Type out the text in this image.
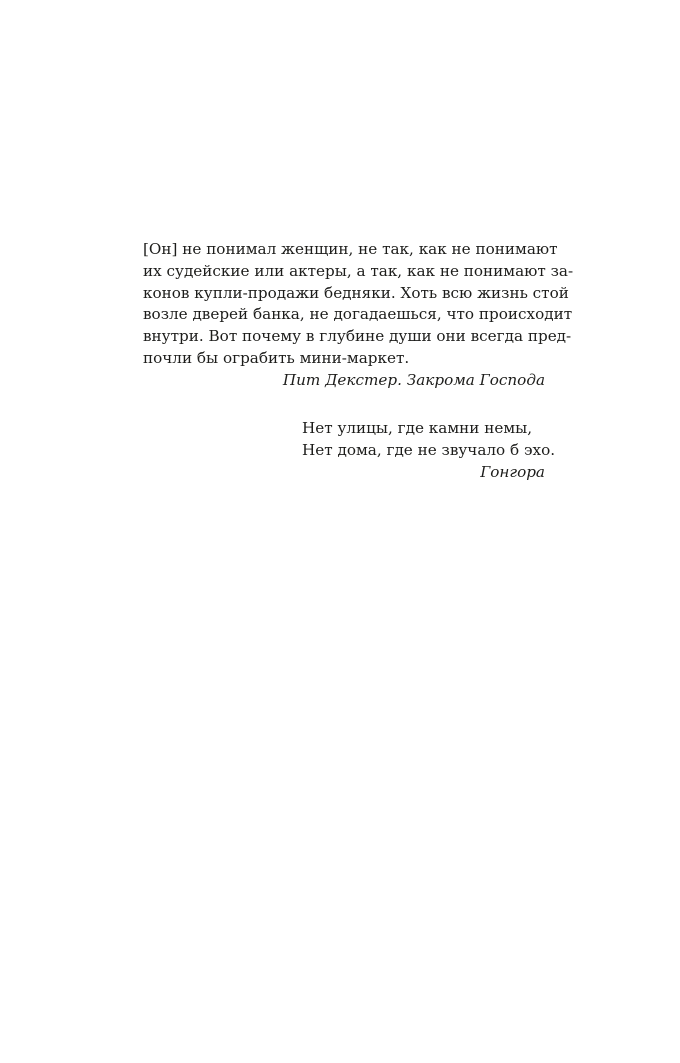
[Он] не понимал женщин, не так, как не понимают
их судейские или актеры, а так, как не понимают за-
конов купли-продажи бедняки. Хоть всю жизнь стой
возле дверей банка, не догадаешься, что происходит
внутри. Вот почему в глубине души они всегда пред-
почли бы ограбить мини-маркет.
Пит Декстер. Закрома Господа
Нет улицы, где камни немы,
Нет дома, где не звучало б эхо.
Гонгора
